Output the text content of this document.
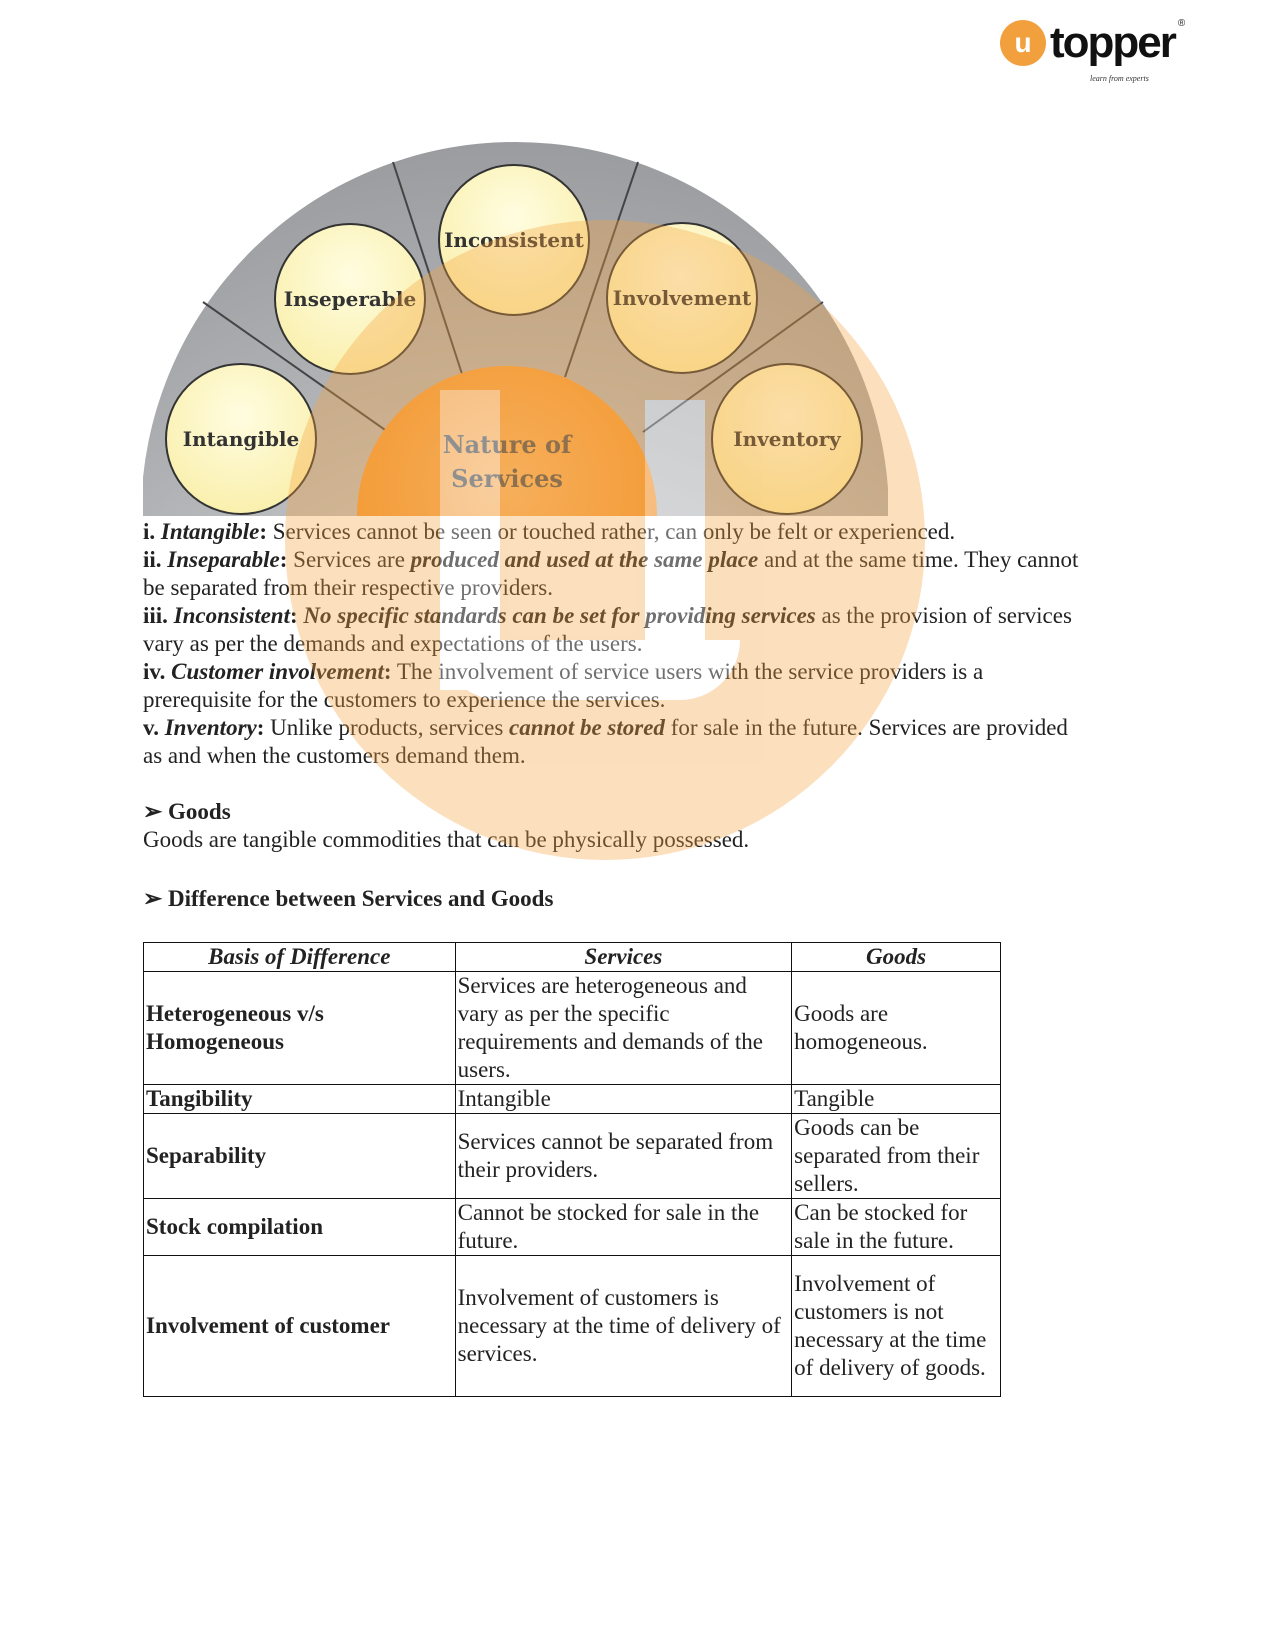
u topper ®
learn from experts
Intangible
Inseperable
Inconsistent
Involvement
Inventory
Nature of
Services

i. Intangible: Services cannot be seen or touched rather, can only be felt or experienced.

ii. Inseparable: Services are produced and used at the same place and at the same time. They cannot be separated from their respective providers.

iii. Inconsistent: No specific standards can be set for providing services as the provision of services vary as per the demands and expectations of the users.

iv. Customer involvement: The involvement of service users with the service providers is a prerequisite for the customers to experience the services.

v. Inventory: Unlike products, services cannot be stored for sale in the future. Services are provided as and when the customers demand them.

➢ Goods

Goods are tangible commodities that can be physically possessed.

➢ Difference between Services and Goods
Basis of Difference	Services	Goods
Heterogeneous v/s Homogeneous	Services are heterogeneous and vary as per the specific requirements and demands of the users.	Goods are homogeneous.
Tangibility	Intangible	Tangible
Separability	Services cannot be separated from their providers.	Goods can be separated from their sellers.
Stock compilation	Cannot be stocked for sale in the future.	Can be stocked for sale in the future.
Involvement of customer	Involvement of customers is necessary at the time of delivery of services.	Involvement of customers is not necessary at the time of delivery of goods.
